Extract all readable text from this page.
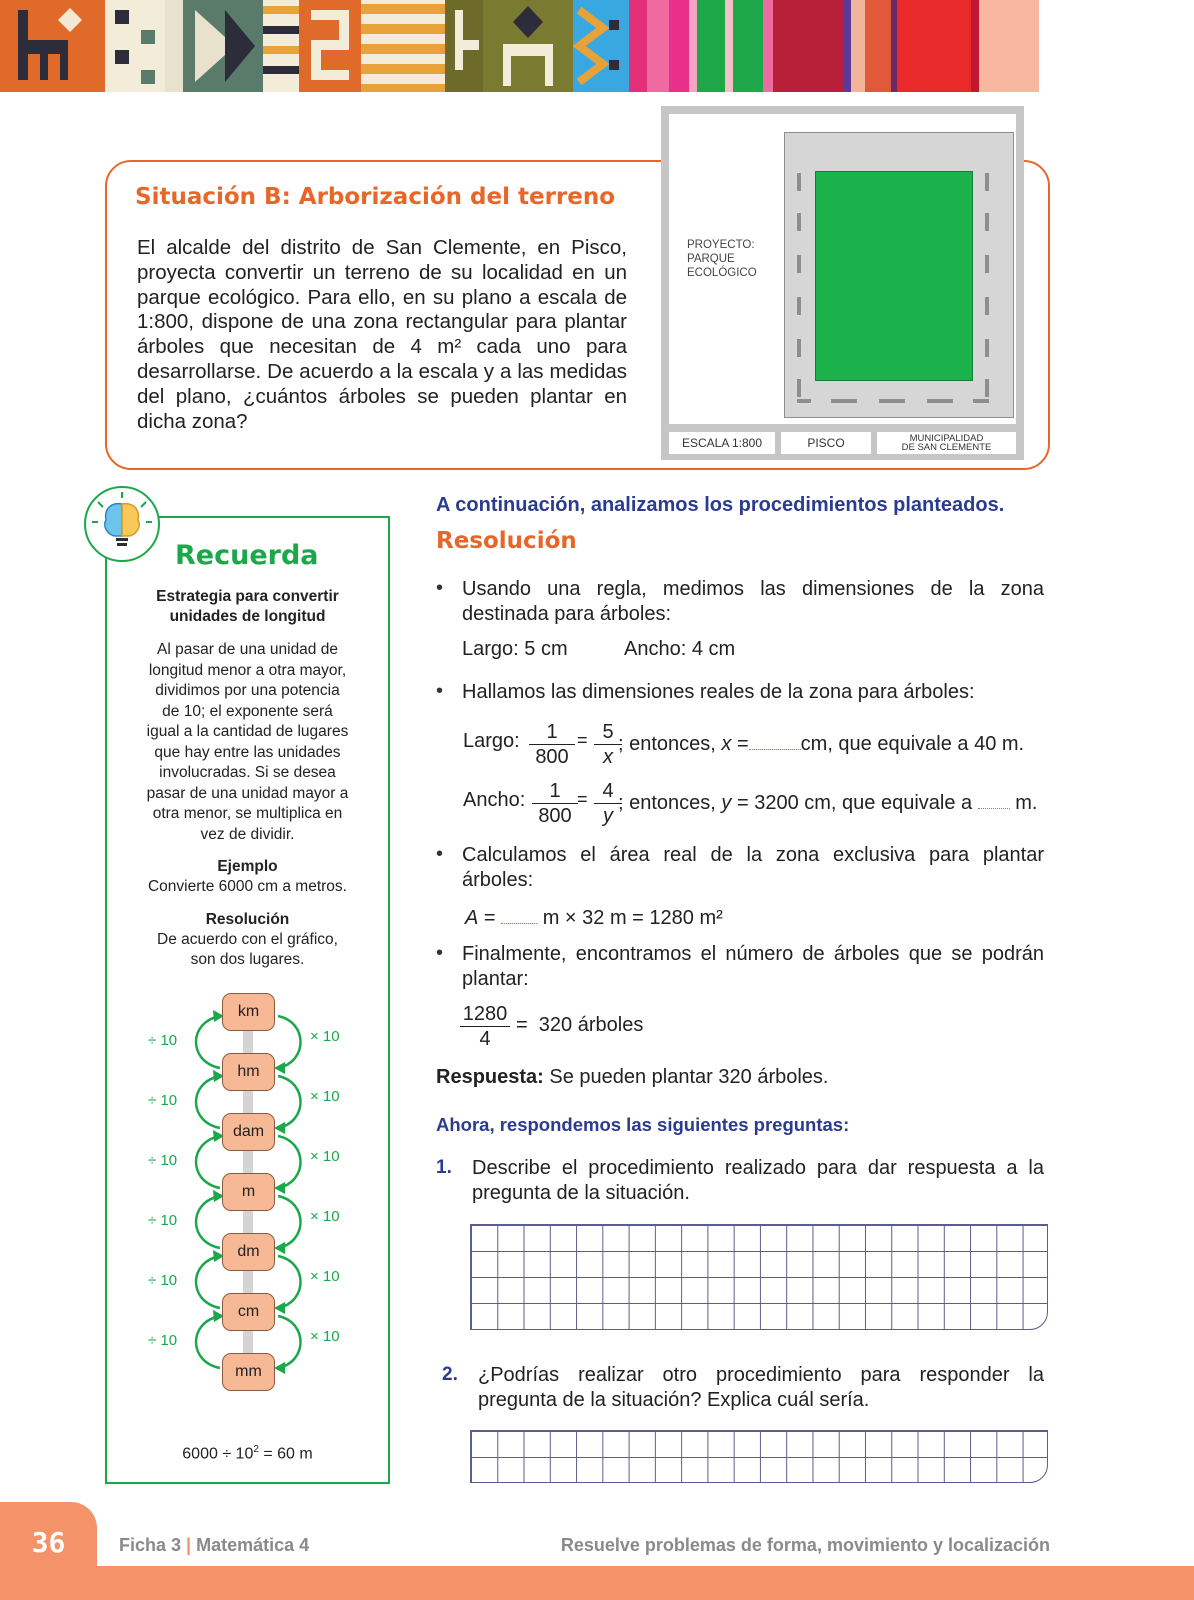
Situación B: Arborización del terreno
El alcalde del distrito de San Clemente, en Pisco, proyecta convertir un terreno de su localidad en un parque ecológico. Para ello, en su plano a escala de 1:800, dispone de una zona rectangular para plantar árboles que necesitan de 4 m² cada uno para desarrollarse. De acuerdo a la escala y a las medidas del plano, ¿cuántos árboles se pueden plantar en dicha zona?
PROYECTO:
PARQUE
ECOLÓGICO
ESCALA 1:800	PISCO	MUNICIPALIDAD
DE SAN CLEMENTE
Recuerda
Estrategia para convertir
unidades de longitud
Al pasar de una unidad de
longitud menor a otra mayor,
dividimos por una potencia
de 10; el exponente será
igual a la cantidad de lugares
que hay entre las unidades
involucradas. Si se desea
pasar de una unidad mayor a
otra menor, se multiplica en
vez de dividir.
Ejemplo
Convierte 6000 cm a metros.
Resolución
De acuerdo con el gráfico,
son dos lugares.
km
÷ 10	× 10
hm
÷ 10	× 10
dam
÷ 10	× 10
m
÷ 10	× 10
dm
÷ 10	× 10
cm
÷ 10	× 10
mm
$6000 \div 10^2 = 60$ m
A continuación, analizamos los procedimientos planteados.
Resolución
• Usando una regla, medimos las dimensiones de la zona destinada para árboles:
Largo: 5 cm	Ancho: 4 cm
• Hallamos las dimensiones reales de la zona para árboles:
Largo: $\frac{1}{800} = \frac{5}{x}$
; entonces, x =	cm, que equivale a 40 m.
Ancho: $\frac{1}{800} = \frac{4}{y}$
; entonces, y = 3200 cm, que equivale a  m.
• Calculamos el área real de la zona exclusiva para plantar árboles:
A =  m × 32 m = 1280 m²
• Finalmente, encontramos el número de árboles que se podrán plantar:
$\frac{1280}{4} = 320$ árboles
Respuesta: Se pueden plantar 320 árboles.
Ahora, respondemos las siguientes preguntas:
1. Describe el procedimiento realizado para dar respuesta a la pregunta de la situación.
2. ¿Podrías realizar otro procedimiento para responder la pregunta de la situación? Explica cuál sería.
36	Ficha 3 | Matemática 4	Resuelve problemas de forma, movimiento y localización
